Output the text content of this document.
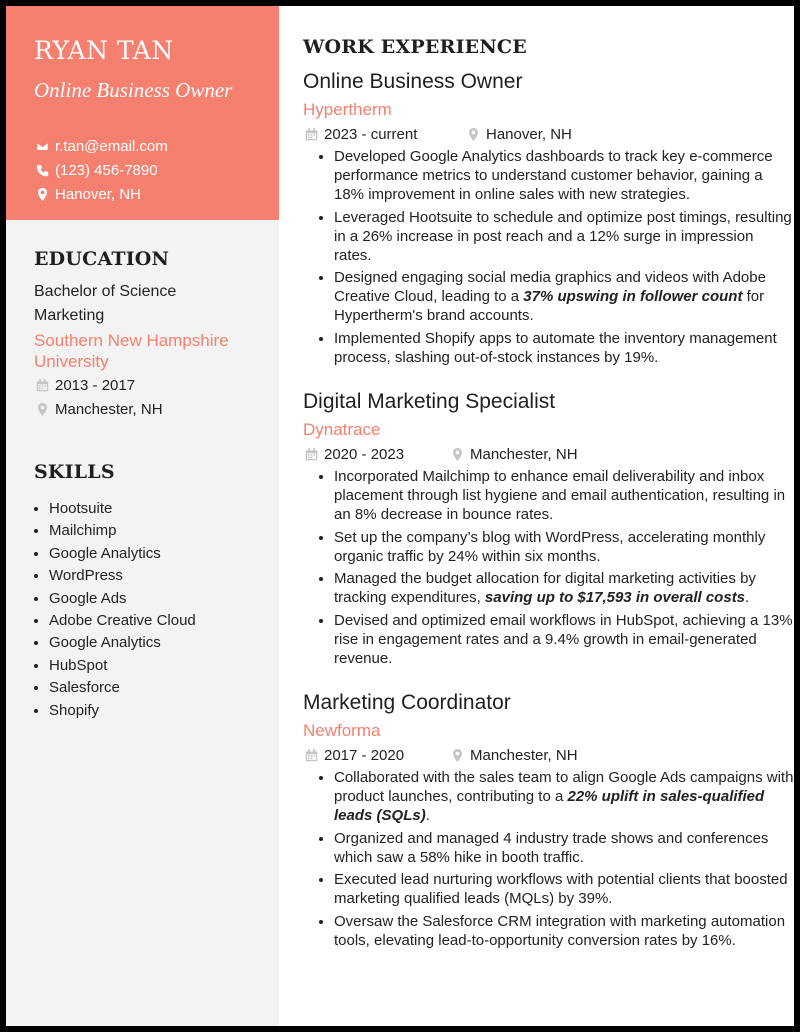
RYAN TAN
Online Business Owner
r.tan@email.com
(123) 456-7890
Hanover, NH
EDUCATION
Bachelor of Science
Marketing
Southern New Hampshire
University
2013 - 2017
Manchester, NH
SKILLS
• Hootsuite
• Mailchimp
• Google Analytics
• WordPress
• Google Ads
• Adobe Creative Cloud
• Google Analytics
• HubSpot
• Salesforce
• Shopify
WORK EXPERIENCE
Online Business Owner
Hypertherm
2023 - current	Hanover, NH
• Developed Google Analytics dashboards to track key e-commerce performance metrics to understand customer behavior, gaining a 18% improvement in online sales with new strategies.
• Leveraged Hootsuite to schedule and optimize post timings, resulting in a 26% increase in post reach and a 12% surge in impression rates.
• Designed engaging social media graphics and videos with Adobe Creative Cloud, leading to a 37% upswing in follower count for Hypertherm's brand accounts.
• Implemented Shopify apps to automate the inventory management process, slashing out-of-stock instances by 19%.
Digital Marketing Specialist
Dynatrace
2020 - 2023	Manchester, NH
• Incorporated Mailchimp to enhance email deliverability and inbox placement through list hygiene and email authentication, resulting in an 8% decrease in bounce rates.
• Set up the company’s blog with WordPress, accelerating monthly organic traffic by 24% within six months.
• Managed the budget allocation for digital marketing activities by tracking expenditures, saving up to $17,593 in overall costs.
• Devised and optimized email workflows in HubSpot, achieving a 13% rise in engagement rates and a 9.4% growth in email-generated revenue.
Marketing Coordinator
Newforma
2017 - 2020	Manchester, NH
• Collaborated with the sales team to align Google Ads campaigns with product launches, contributing to a 22% uplift in sales-qualified leads (SQLs).
• Organized and managed 4 industry trade shows and conferences which saw a 58% hike in booth traffic.
• Executed lead nurturing workflows with potential clients that boosted marketing qualified leads (MQLs) by 39%.
• Oversaw the Salesforce CRM integration with marketing automation tools, elevating lead-to-opportunity conversion rates by 16%.
